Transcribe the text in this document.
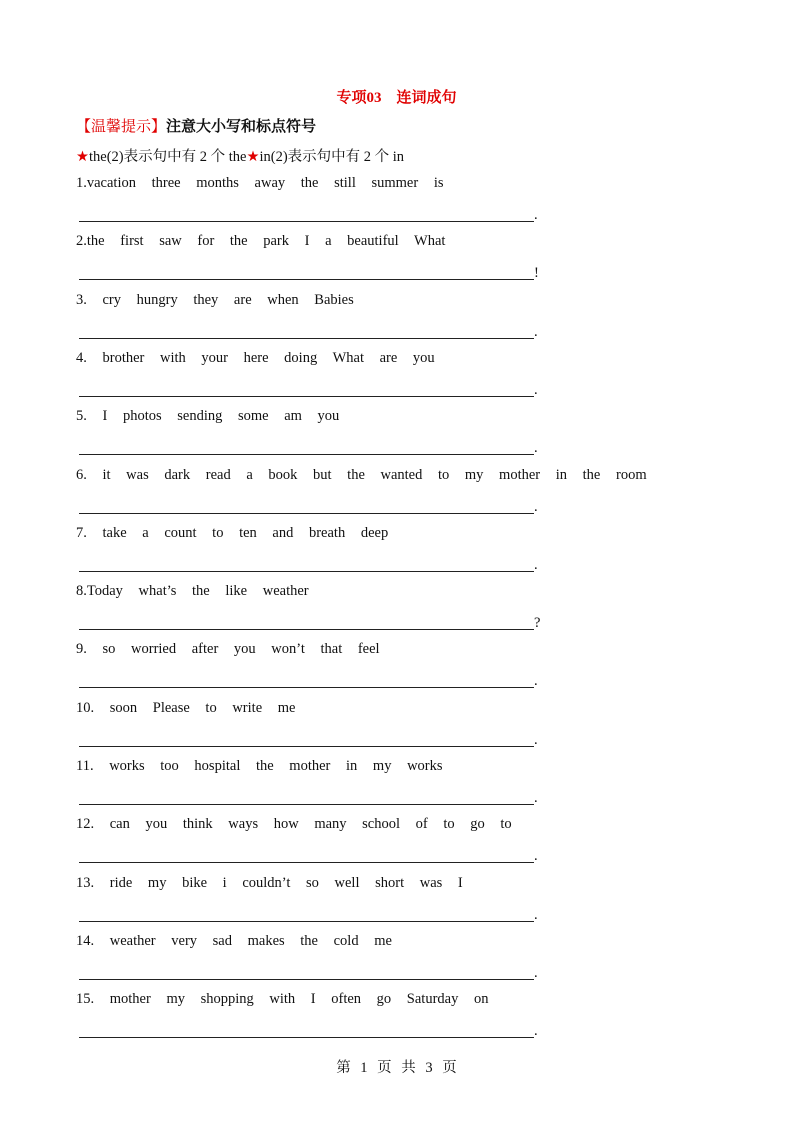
专项03　连词成句
【温馨提示】注意大小写和标点符号
★the(2)表示句中有 2 个 the★in(2)表示句中有 2 个 in
1.vacation three months away the still summer is
.
2.the first saw for the park I a beautiful What
!
3. cry hungry they are when Babies
.
4. brother with your here doing What are you
.
5. I photos sending some am you
.
6. it was dark read a book but the wanted to my mother in the room
.
7. take a count to ten and breath deep
.
8.Today what’s the like weather
?
9. so worried after you won’t that feel
.
10. soon Please to write me
.
11. works too hospital the mother in my works
.
12. can you think ways how many school of to go to
.
13. ride my bike i couldn’t so well short was I
.
14. weather very sad makes the cold me
.
15. mother my shopping with I often go Saturday on
.
第 1 页 共 3 页
